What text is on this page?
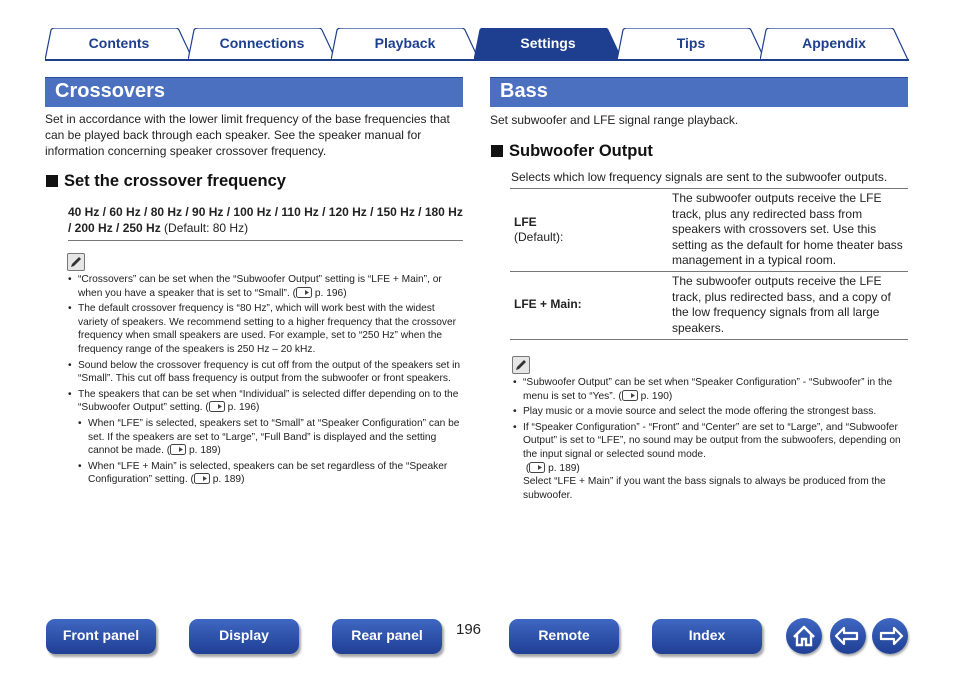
Contents	Connections	Playback	Settings	Tips	Appendix
Crossovers
Set in accordance with the lower limit frequency of the base frequencies that can be played back through each speaker. See the speaker manual for information concerning speaker crossover frequency.
Set the crossover frequency
40 Hz / 60 Hz / 80 Hz / 90 Hz / 100 Hz / 110 Hz / 120 Hz / 150 Hz / 180 Hz / 200 Hz / 250 Hz (Default: 80 Hz)
• “Crossovers” can be set when the “Subwoofer Output” setting is “LFE + Main”, or when you have a speaker that is set to “Small”. ( p. 196)
• The default crossover frequency is “80 Hz”, which will work best with the widest variety of speakers. We recommend setting to a higher frequency that the crossover frequency when small speakers are used. For example, set to “250 Hz” when the frequency range of the speakers is 250 Hz – 20 kHz.
• Sound below the crossover frequency is cut off from the output of the speakers set in “Small”. This cut off bass frequency is output from the subwoofer or front speakers.
• The speakers that can be set when “Individual” is selected differ depending on to the “Subwoofer Output” setting. ( p. 196)
• When “LFE” is selected, speakers set to “Small” at “Speaker Configuration” can be set. If the speakers are set to “Large”, “Full Band” is displayed and the setting cannot be made. ( p. 189)
• When “LFE + Main” is selected, speakers can be set regardless of the “Speaker Configuration” setting. ( p. 189)
Bass
Set subwoofer and LFE signal range playback.
Subwoofer Output
Selects which low frequency signals are sent to the subwoofer outputs.
LFE
(Default):
The subwoofer outputs receive the LFE track, plus any redirected bass from speakers with crossovers set. Use this setting as the default for home theater bass management in a typical room.
LFE + Main:
The subwoofer outputs receive the LFE track, plus redirected bass, and a copy of the low frequency signals from all large speakers.
• “Subwoofer Output” can be set when “Speaker Configuration” - “Subwoofer” in the menu is set to “Yes”. ( p. 190)
• Play music or a movie source and select the mode offering the strongest bass.
• If “Speaker Configuration” - “Front” and “Center” are set to “Large”, and “Subwoofer Output” is set to “LFE”, no sound may be output from the subwoofers, depending on the input signal or selected sound mode.
( p. 189)
Select “LFE + Main” if you want the bass signals to always be produced from the subwoofer.
Front panel	Display	Rear panel	196	Remote	Index
